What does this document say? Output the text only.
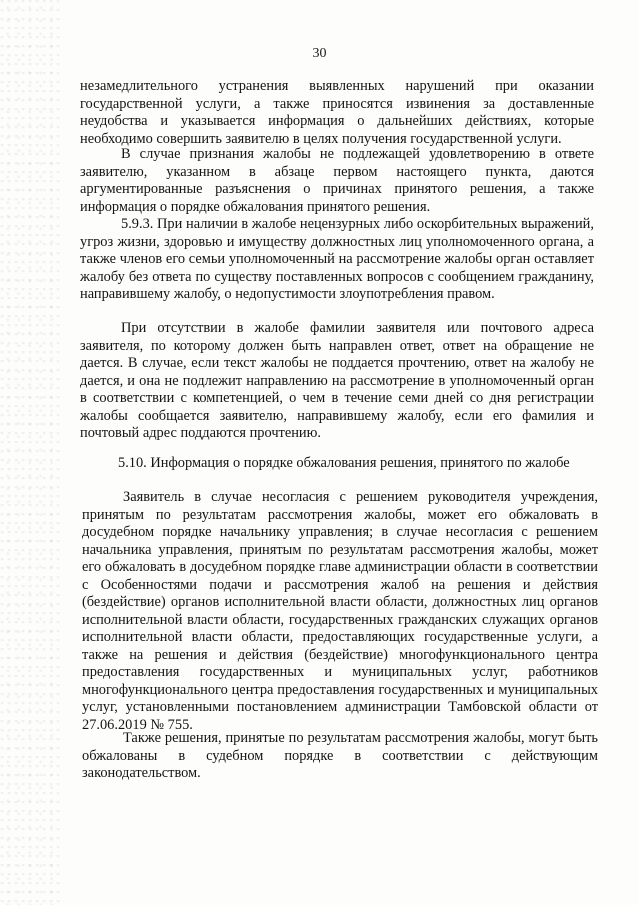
30

незамедлительного устранения выявленных нарушений при оказании государственной услуги, а также приносятся извинения за доставленные неудобства и указывается информация о дальнейших действиях, которые необходимо совершить заявителю в целях получения государственной услуги.

В случае признания жалобы не подлежащей удовлетворению в ответе заявителю, указанном в абзаце первом настоящего пункта, даются аргументированные разъяснения о причинах принятого решения, а также информация о порядке обжалования принятого решения.

5.9.3. При наличии в жалобе нецензурных либо оскорбительных выражений, угроз жизни, здоровью и имуществу должностных лиц уполномоченного органа, а также членов его семьи уполномоченный на рассмотрение жалобы орган оставляет жалобу без ответа по существу поставленных вопросов с сообщением гражданину, направившему жалобу, о недопустимости злоупотребления правом.

При отсутствии в жалобе фамилии заявителя или почтового адреса заявителя, по которому должен быть направлен ответ, ответ на обращение не дается. В случае, если текст жалобы не поддается прочтению, ответ на жалобу не дается, и она не подлежит направлению на рассмотрение в уполномоченный орган в соответствии с компетенцией, о чем в течение семи дней со дня регистрации жалобы сообщается заявителю, направившему жалобу, если его фамилия и почтовый адрес поддаются прочтению.

5.10. Информация о порядке обжалования решения, принятого по жалобе

Заявитель в случае несогласия с решением руководителя учреждения, принятым по результатам рассмотрения жалобы, может его обжаловать в досудебном порядке начальнику управления; в случае несогласия с решением начальника управления, принятым по результатам рассмотрения жалобы, может его обжаловать в досудебном порядке главе администрации области в соответствии с Особенностями подачи и рассмотрения жалоб на решения и действия (бездействие) органов исполнительной власти области, должностных лиц органов исполнительной власти области, государственных гражданских служащих органов исполнительной власти области, предоставляющих государственные услуги, а также на решения и действия (бездействие) многофункционального центра предоставления государственных и муниципальных услуг, работников многофункционального центра предоставления государственных и муниципальных услуг, установленными постановлением администрации Тамбовской области от 27.06.2019 № 755.

Также решения, принятые по результатам рассмотрения жалобы, могут быть обжалованы в судебном порядке в соответствии с действующим законодательством.
